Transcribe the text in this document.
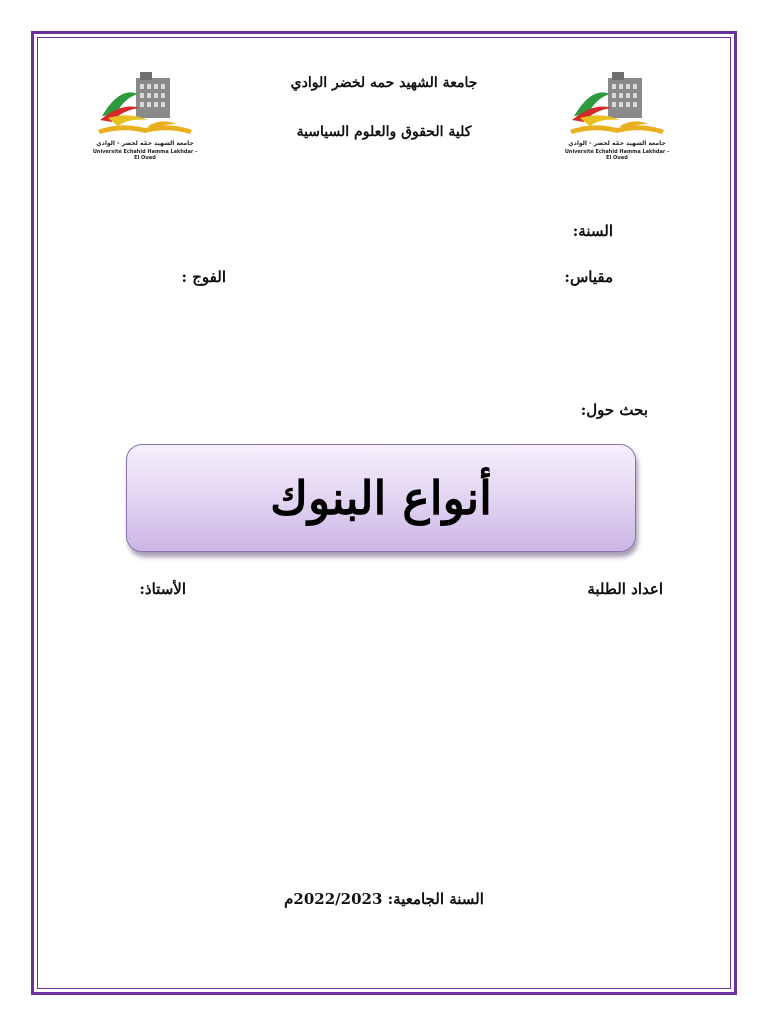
جامعة الشهيد حمّه لخضر - الوادي
Université Echahid Hamma Lakhdar - El Oued
جامعة الشهيد حمّه لخضر - الوادي
Université Echahid Hamma Lakhdar - El Oued
جامعة الشهيد حمه لخضر الوادي
كلية الحقوق والعلوم السياسية
السنة:
مقياس:
الفوج :
بحث حول:
أنواع البنوك
اعداد الطلبة
الأستاذ:
السنة الجامعية: 2022/2023م
